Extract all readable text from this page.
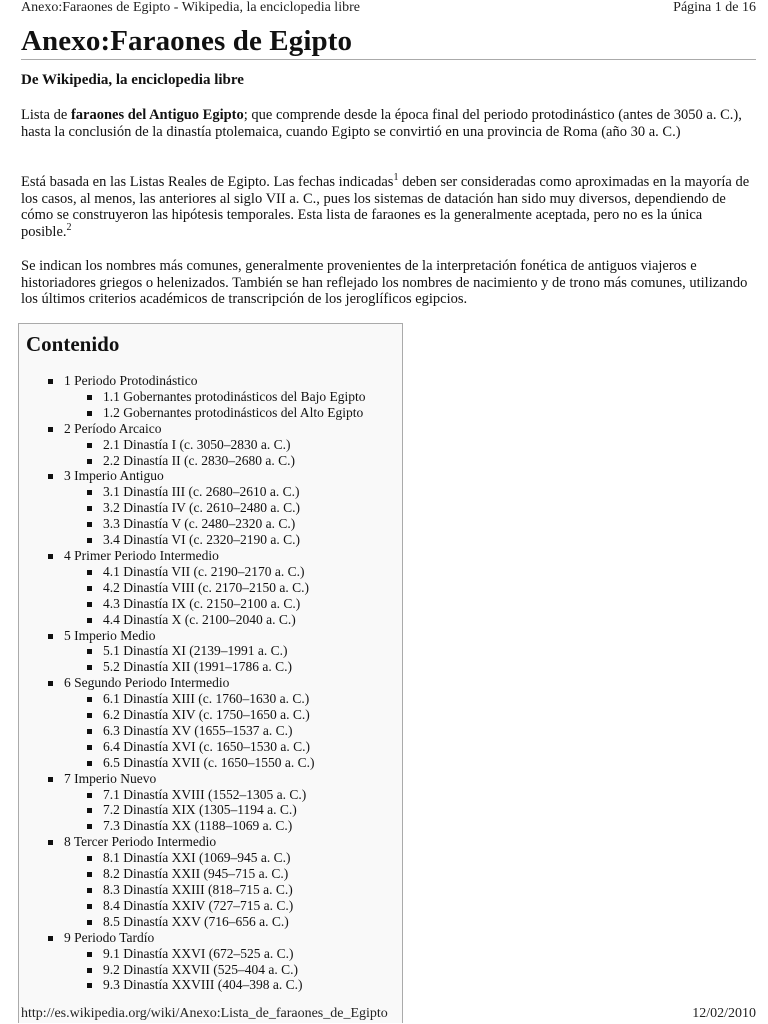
Anexo:Faraones de Egipto - Wikipedia, la enciclopedia libre	Página 1 de 16
Anexo:Faraones de Egipto

De Wikipedia, la enciclopedia libre

Lista de faraones del Antiguo Egipto; que comprende desde la época final del periodo protodinástico (antes de 3050 a. C.), hasta la conclusión de la dinastía ptolemaica, cuando Egipto se convirtió en una provincia de Roma (año 30 a. C.)

Está basada en las Listas Reales de Egipto. Las fechas indicadas$^1$ deben ser consideradas como aproximadas en la mayoría de los casos, al menos, las anteriores al siglo VII a. C., pues los sistemas de datación han sido muy diversos, dependiendo de cómo se construyeron las hipótesis temporales. Esta lista de faraones es la generalmente aceptada, pero no es la única posible.$^2$

Se indican los nombres más comunes, generalmente provenientes de la interpretación fonética de antiguos viajeros e historiadores griegos o helenizados. También se han reflejado los nombres de nacimiento y de trono más comunes, utilizando los últimos criterios académicos de transcripción de los jeroglíficos egipcios.

Contenido
1 Periodo Protodinástico
1.1 Gobernantes protodinásticos del Bajo Egipto
1.2 Gobernantes protodinásticos del Alto Egipto
2 Período Arcaico
2.1 Dinastía I (c. 3050–2830 a. C.)
2.2 Dinastía II (c. 2830–2680 a. C.)
3 Imperio Antiguo
3.1 Dinastía III (c. 2680–2610 a. C.)
3.2 Dinastía IV (c. 2610–2480 a. C.)
3.3 Dinastía V (c. 2480–2320 a. C.)
3.4 Dinastía VI (c. 2320–2190 a. C.)
4 Primer Periodo Intermedio
4.1 Dinastía VII (c. 2190–2170 a. C.)
4.2 Dinastía VIII (c. 2170–2150 a. C.)
4.3 Dinastía IX (c. 2150–2100 a. C.)
4.4 Dinastía X (c. 2100–2040 a. C.)
5 Imperio Medio
5.1 Dinastía XI (2139–1991 a. C.)
5.2 Dinastía XII (1991–1786 a. C.)
6 Segundo Periodo Intermedio
6.1 Dinastía XIII (c. 1760–1630 a. C.)
6.2 Dinastía XIV (c. 1750–1650 a. C.)
6.3 Dinastía XV (1655–1537 a. C.)
6.4 Dinastía XVI (c. 1650–1530 a. C.)
6.5 Dinastía XVII (c. 1650–1550 a. C.)
7 Imperio Nuevo
7.1 Dinastía XVIII (1552–1305 a. C.)
7.2 Dinastía XIX (1305–1194 a. C.)
7.3 Dinastía XX (1188–1069 a. C.)
8 Tercer Periodo Intermedio
8.1 Dinastía XXI (1069–945 a. C.)
8.2 Dinastía XXII (945–715 a. C.)
8.3 Dinastía XXIII (818–715 a. C.)
8.4 Dinastía XXIV (727–715 a. C.)
8.5 Dinastía XXV (716–656 a. C.)
9 Periodo Tardío
9.1 Dinastía XXVI (672–525 a. C.)
9.2 Dinastía XXVII (525–404 a. C.)
9.3 Dinastía XXVIII (404–398 a. C.)
http://es.wikipedia.org/wiki/Anexo:Lista_de_faraones_de_Egipto	12/02/2010
